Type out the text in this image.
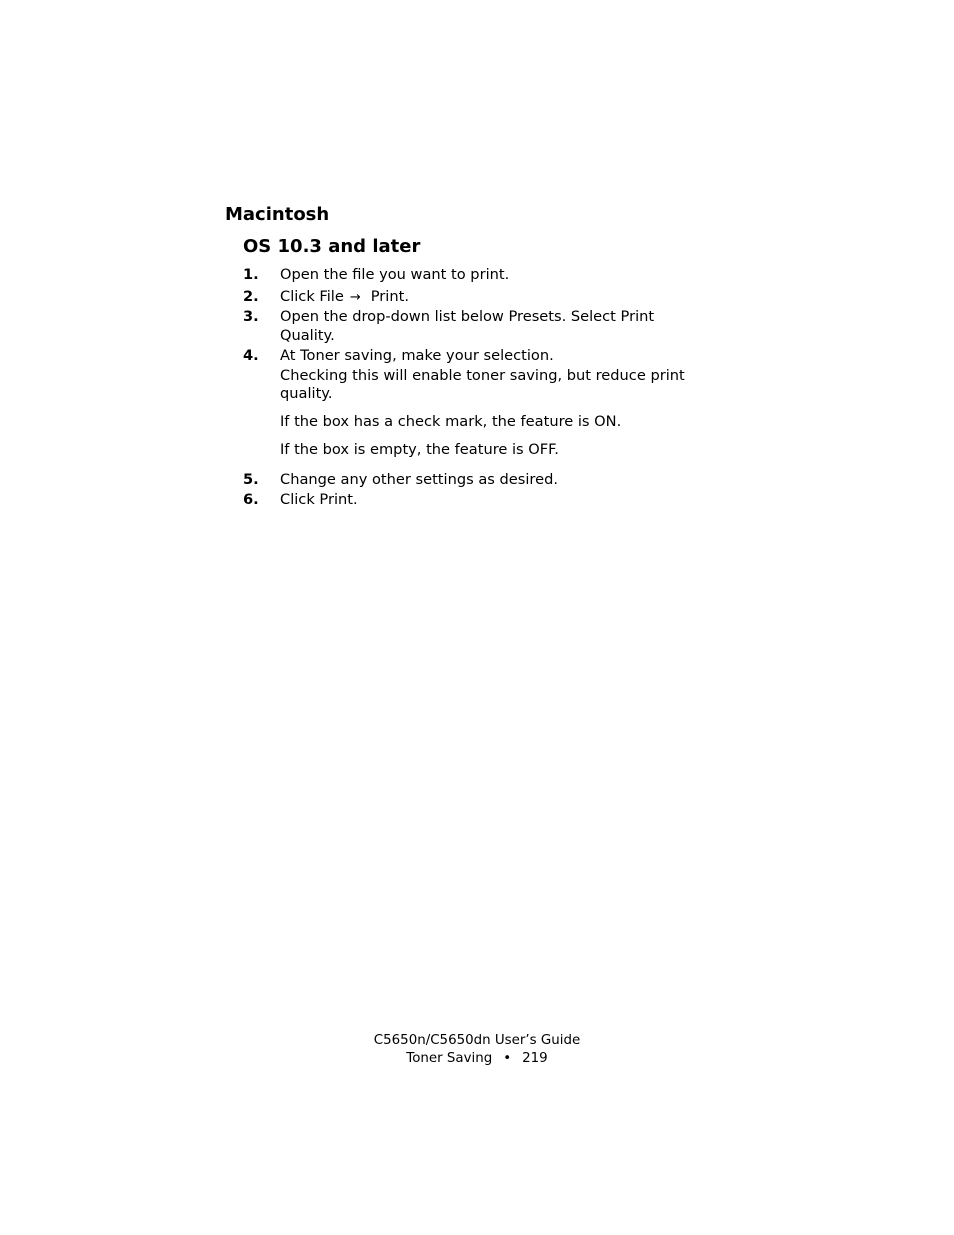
Macintosh
OS 10.3 and later
1.	Open the file you want to print.
2.	Click File → Print.
3.	Open the drop-down list below Presets. Select Print
Quality.
4.	At Toner saving, make your selection.
Checking this will enable toner saving, but reduce print
quality.
If the box has a check mark, the feature is ON.
If the box is empty, the feature is OFF.
5.	Change any other settings as desired.
6.	Click Print.
C5650n/C5650dn User’s Guide
Toner Saving • 219
